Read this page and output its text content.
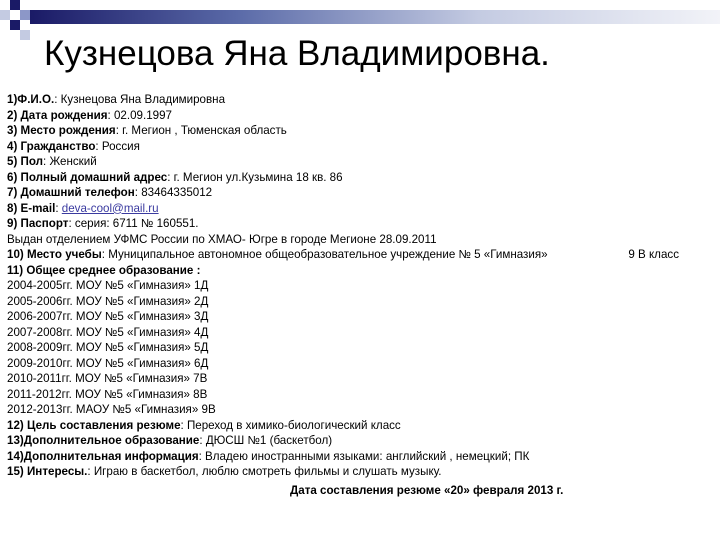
Кузнецова Яна Владимировна.
1)Ф.И.О.: Кузнецова Яна Владимировна
2) Дата рождения: 02.09.1997
3) Место рождения: г. Мегион , Тюменская область
4) Гражданство: Россия
5) Пол: Женский
6) Полный домашний адрес: г. Мегион ул.Кузьмина 18 кв. 86
7) Домашний телефон: 83464335012
8) E-mail: deva-cool@mail.ru
9) Паспорт: серия: 6711 № 160551.
Выдан отделением УФМС России по ХМАО- Югре в городе Мегионе 28.09.2011
10) Место учебы: Муниципальное автономное общеобразовательное учреждение № 5 «Гимназия»	9 В класс
11) Общее среднее образование :
2004-2005гг. МОУ №5 «Гимназия» 1Д
2005-2006гг. МОУ №5 «Гимназия» 2Д
2006-2007гг. МОУ №5 «Гимназия» 3Д
2007-2008гг. МОУ №5 «Гимназия» 4Д
2008-2009гг. МОУ №5 «Гимназия» 5Д
2009-2010гг. МОУ №5 «Гимназия» 6Д
2010-2011гг. МОУ №5 «Гимназия» 7В
2011-2012гг. МОУ №5 «Гимназия» 8В
2012-2013гг. МАОУ №5 «Гимназия» 9В
12) Цель составления резюме: Переход в химико-биологический класс
13)Дополнительное образование: ДЮСШ №1 (баскетбол)
14)Дополнительная информация: Владею иностранными языками: английский , немецкий; ПК
15) Интересы.: Играю в баскетбол, люблю смотреть фильмы и слушать музыку.
Дата составления резюме «20» февраля 2013 г.
